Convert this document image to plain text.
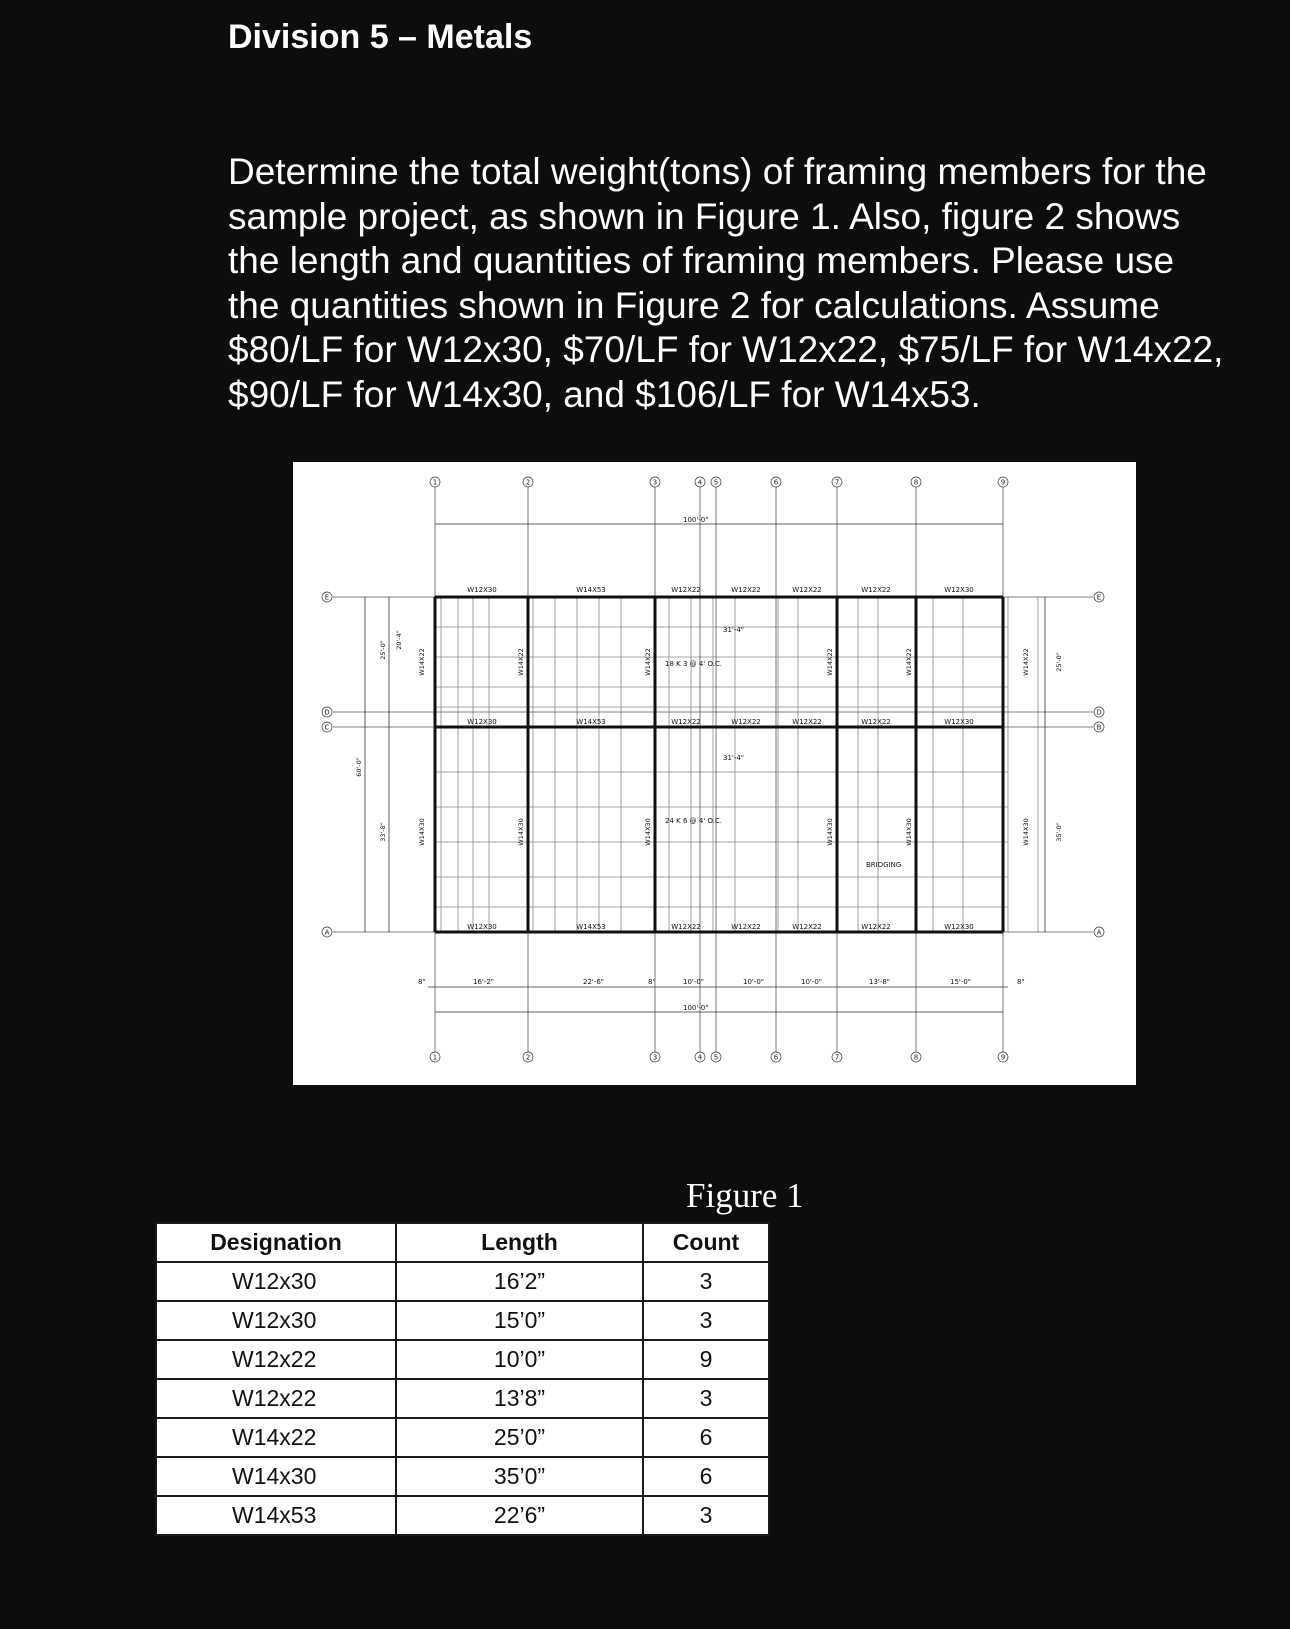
Division 5 – Metals
Determine the total weight(tons) of framing members for the sample project, as shown in Figure 1. Also, figure 2 shows the length and quantities of framing members. Please use the quantities shown in Figure 2 for calculations. Assume $80/LF for W12x30, $70/LF for W12x22, $75/LF for W14x22, $90/LF for W14x30, and $106/LF for W14x53.
1	2	3	4 5	6	7	8	9
1	2	3	4 5	6	7	8	9
E
D
C
A
E
D
B
A
W12X30	W14X53	W12X22	W12X22	W12X22	W12X22	W12X30
W12X30	W14X53	W12X22	W12X22	W12X22	W12X22	W12X30
W12X30	W14X53	W12X22	W12X22	W12X22	W12X22	W12X30
W14X22	W14X22	W14X22	W14X22	W14X22	W14X22
W14X30	W14X30	W14X30	W14X30	W14X30	W14X30
100'-0"
100'-0"
18 K 3 @ 4' O.C.
24 K 6 @ 4' O.C.
BRIDGING
31'-4"
31'-4"
8"	8"	8"
16'-2"	22'-6"	10'-0"	10'-0"	10'-0"	13'-8"	15'-0"
60'-0"
25'-0"
20'-4"
33'-8"
25'-0"
35'-0"
Figure 1
Designation	Length	Count
W12x30	16’2”	3
W12x30	15’0”	3
W12x22	10’0”	9
W12x22	13’8”	3
W14x22	25’0”	6
W14x30	35’0”	6
W14x53	22’6”	3
